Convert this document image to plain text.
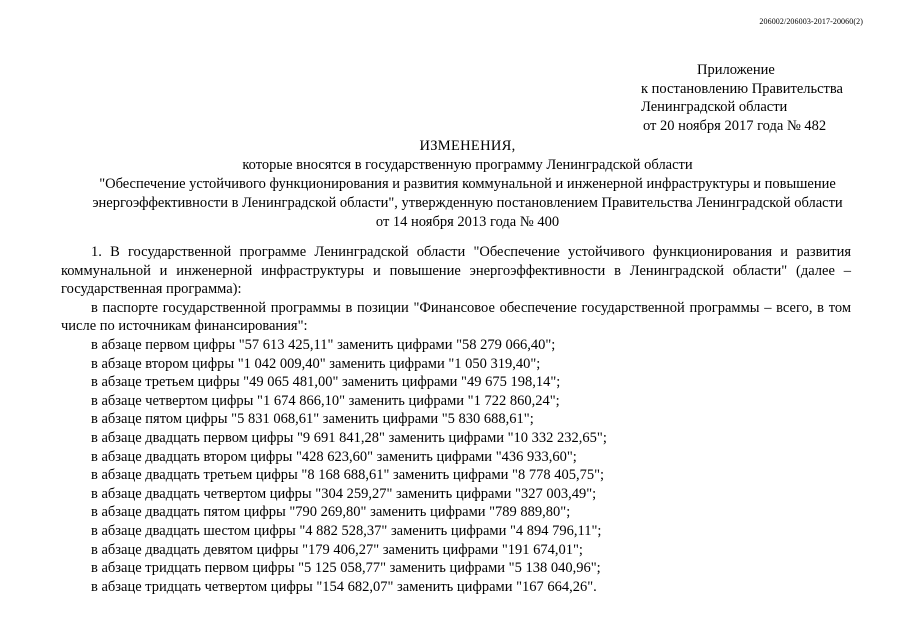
206002/206003-2017-20060(2)
Приложение
к постановлению Правительства
Ленинградской области
от 20 ноября 2017 года № 482
ИЗМЕНЕНИЯ,
которые вносятся в государственную программу Ленинградской области
"Обеспечение устойчивого функционирования и развития коммунальной и инженерной инфраструктуры и повышение энергоэффективности в Ленинградской области", утвержденную постановлением Правительства Ленинградской области
от 14 ноября 2013 года № 400

1. В государственной программе Ленинградской области "Обеспечение устойчивого функционирования и развития коммунальной и инженерной инфраструктуры и повышение энергоэффективности в Ленинградской области" (далее – государственная программа):

в паспорте государственной программы в позиции "Финансовое обеспечение государственной программы – всего, в том числе по источникам финансирования":

в абзаце первом цифры "57 613 425,11" заменить цифрами "58 279 066,40";

в абзаце втором цифры "1 042 009,40" заменить цифрами "1 050 319,40";

в абзаце третьем цифры "49 065 481,00" заменить цифрами "49 675 198,14";

в абзаце четвертом цифры "1 674 866,10" заменить цифрами "1 722 860,24";

в абзаце пятом цифры "5 831 068,61" заменить цифрами "5 830 688,61";

в абзаце двадцать первом цифры "9 691 841,28" заменить цифрами "10 332 232,65";

в абзаце двадцать втором цифры "428 623,60" заменить цифрами "436 933,60";

в абзаце двадцать третьем цифры "8 168 688,61" заменить цифрами "8 778 405,75";

в абзаце двадцать четвертом цифры "304 259,27" заменить цифрами "327 003,49";

в абзаце двадцать пятом цифры "790 269,80" заменить цифрами "789 889,80";

в абзаце двадцать шестом цифры "4 882 528,37" заменить цифрами "4 894 796,11";

в абзаце двадцать девятом цифры "179 406,27" заменить цифрами "191 674,01";

в абзаце тридцать первом цифры "5 125 058,77" заменить цифрами "5 138 040,96";

в абзаце тридцать четвертом цифры "154 682,07" заменить цифрами "167 664,26".
